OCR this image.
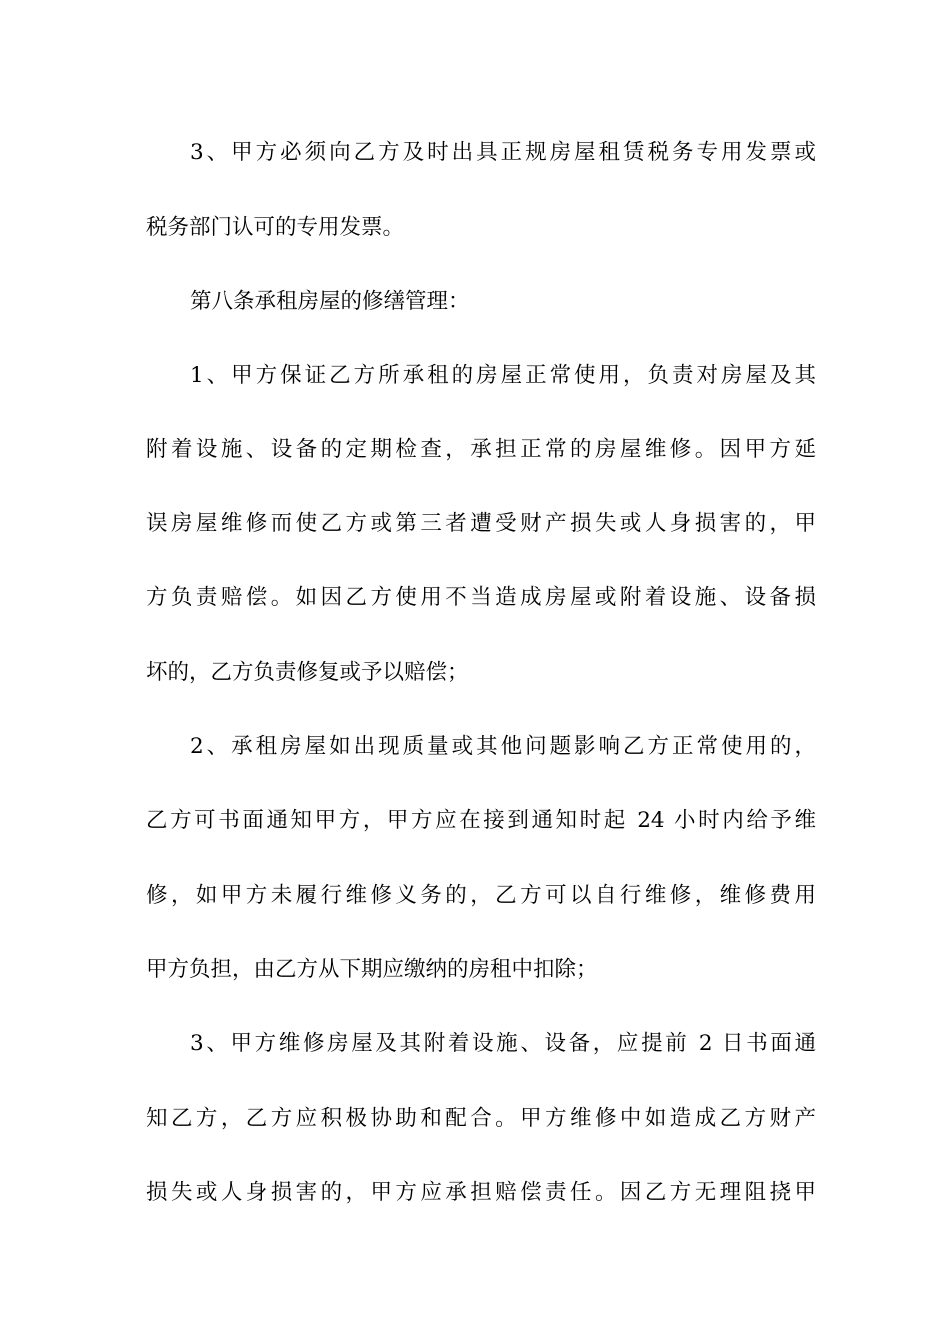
3、甲方必须向乙方及时出具正规房屋租赁税务专用发票或
税务部门认可的专用发票。
第八条承租房屋的修缮管理：
1、甲方保证乙方所承租的房屋正常使用，负责对房屋及其
附着设施、设备的定期检查，承担正常的房屋维修。因甲方延
误房屋维修而使乙方或第三者遭受财产损失或人身损害的，甲
方负责赔偿。如因乙方使用不当造成房屋或附着设施、设备损
坏的，乙方负责修复或予以赔偿；
2、承租房屋如出现质量或其他问题影响乙方正常使用的，
乙方可书面通知甲方，甲方应在接到通知时起 24 小时内给予维
修，如甲方未履行维修义务的，乙方可以自行维修，维修费用
甲方负担，由乙方从下期应缴纳的房租中扣除；
3、甲方维修房屋及其附着设施、设备，应提前 2 日书面通
知乙方，乙方应积极协助和配合。甲方维修中如造成乙方财产
损失或人身损害的，甲方应承担赔偿责任。因乙方无理阻挠甲
